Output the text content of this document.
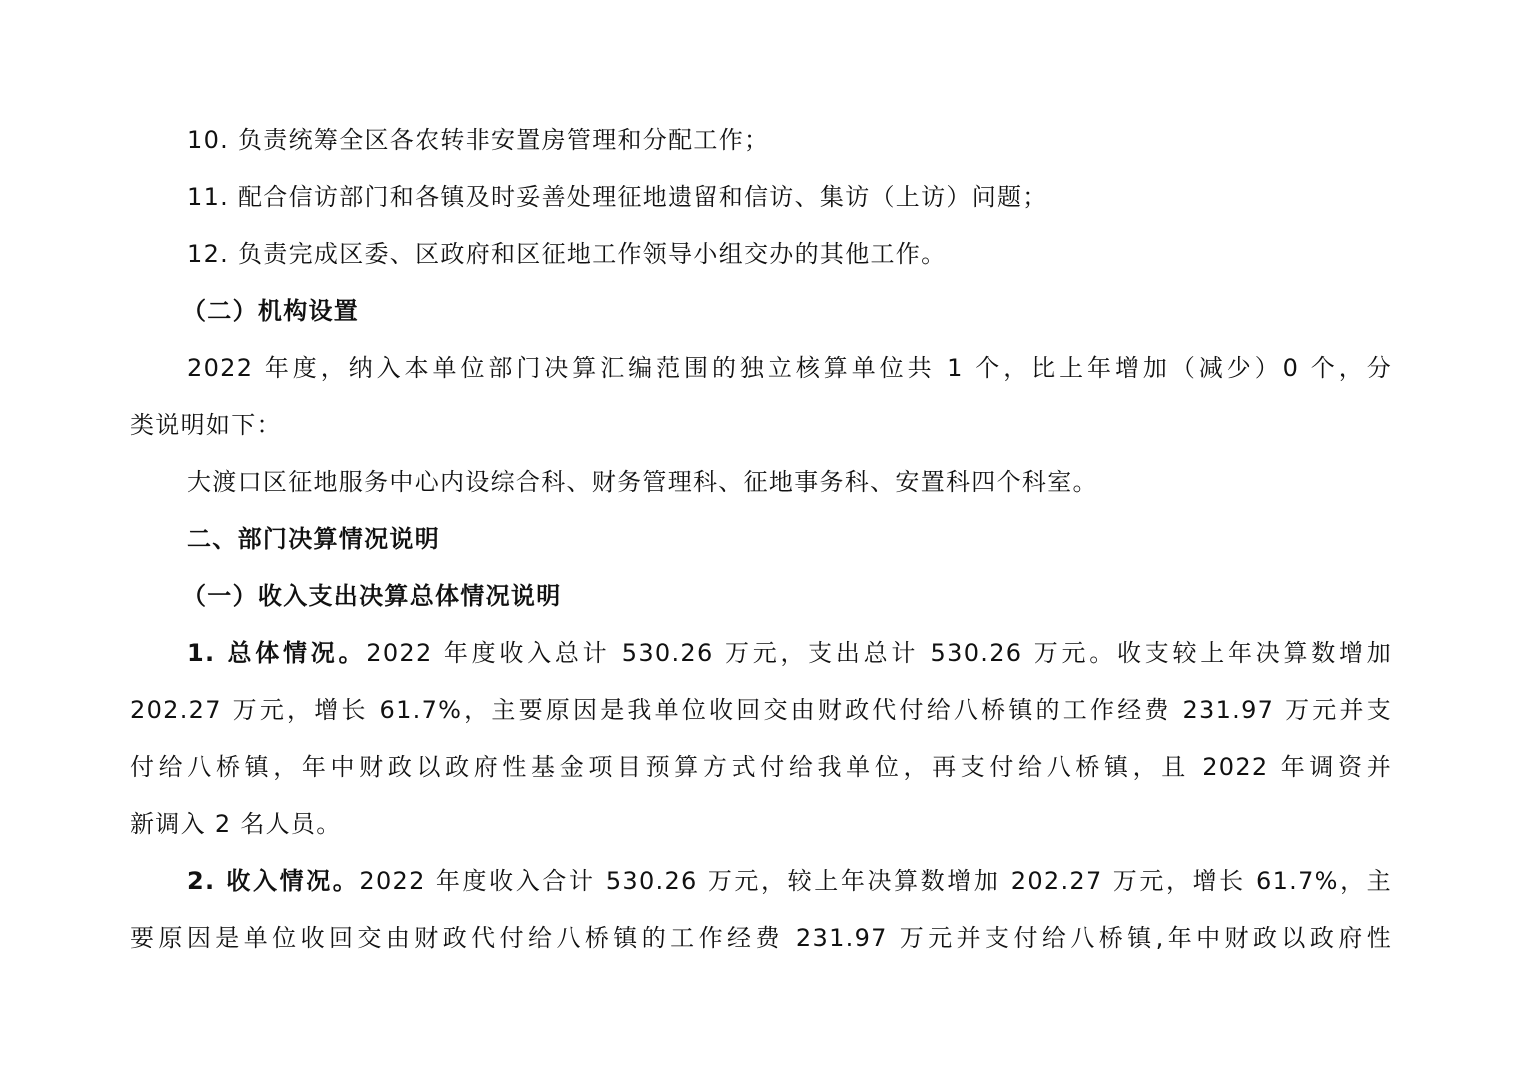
10. 负责统筹全区各农转非安置房管理和分配工作；
11. 配合信访部门和各镇及时妥善处理征地遗留和信访、集访（上访）问题；
12. 负责完成区委、区政府和区征地工作领导小组交办的其他工作。
（二）机构设置
2022 年度，纳入本单位部门决算汇编范围的独立核算单位共 1 个，比上年增加（减少）0 个，分
类说明如下：
大渡口区征地服务中心内设综合科、财务管理科、征地事务科、安置科四个科室。
二、部门决算情况说明
（一）收入支出决算总体情况说明
1. 总体情况。2022 年度收入总计 530.26 万元，支出总计 530.26 万元。收支较上年决算数增加
202.27 万元，增长 61.7%，主要原因是我单位收回交由财政代付给八桥镇的工作经费 231.97 万元并支
付给八桥镇，年中财政以政府性基金项目预算方式付给我单位，再支付给八桥镇，且 2022 年调资并
新调入 2 名人员。
2. 收入情况。2022 年度收入合计 530.26 万元，较上年决算数增加 202.27 万元，增长 61.7%，主
要原因是单位收回交由财政代付给八桥镇的工作经费 231.97 万元并支付给八桥镇,年中财政以政府性
